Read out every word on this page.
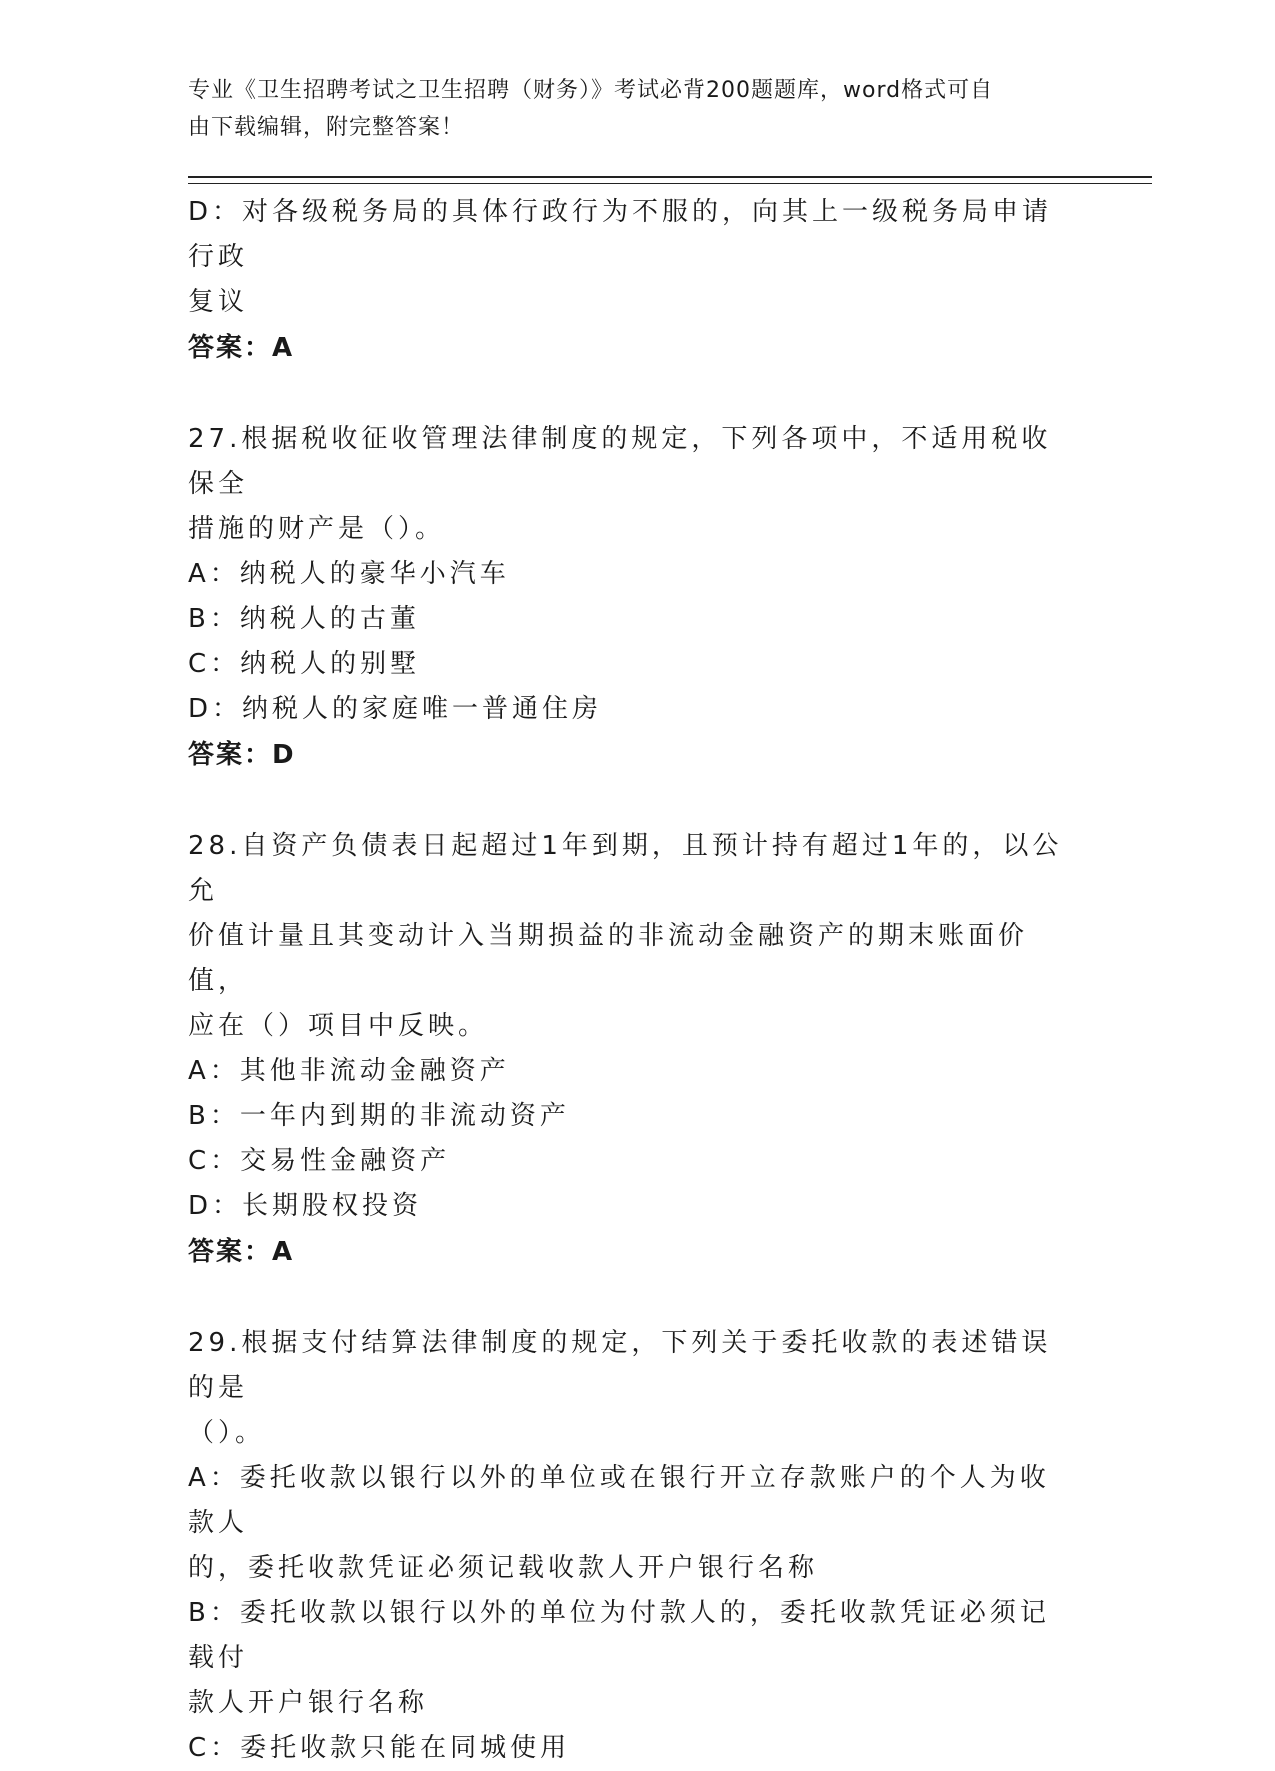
专业《卫生招聘考试之卫生招聘（财务）》考试必背200题题库，word格式可自
由下载编辑，附完整答案！
D：对各级税务局的具体行政行为不服的，向其上一级税务局申请行政
复议
答案：A
27.根据税收征收管理法律制度的规定，下列各项中，不适用税收保全
措施的财产是（）。
A：纳税人的豪华小汽车
B：纳税人的古董
C：纳税人的别墅
D：纳税人的家庭唯一普通住房
答案：D
28.自资产负债表日起超过1年到期，且预计持有超过1年的，以公允
价值计量且其变动计入当期损益的非流动金融资产的期末账面价值，
应在（）项目中反映。
A：其他非流动金融资产
B：一年内到期的非流动资产
C：交易性金融资产
D：长期股权投资
答案：A
29.根据支付结算法律制度的规定，下列关于委托收款的表述错误的是
（）。
A：委托收款以银行以外的单位或在银行开立存款账户的个人为收款人
的，委托收款凭证必须记载收款人开户银行名称
B：委托收款以银行以外的单位为付款人的，委托收款凭证必须记载付
款人开户银行名称
C：委托收款只能在同城使用
